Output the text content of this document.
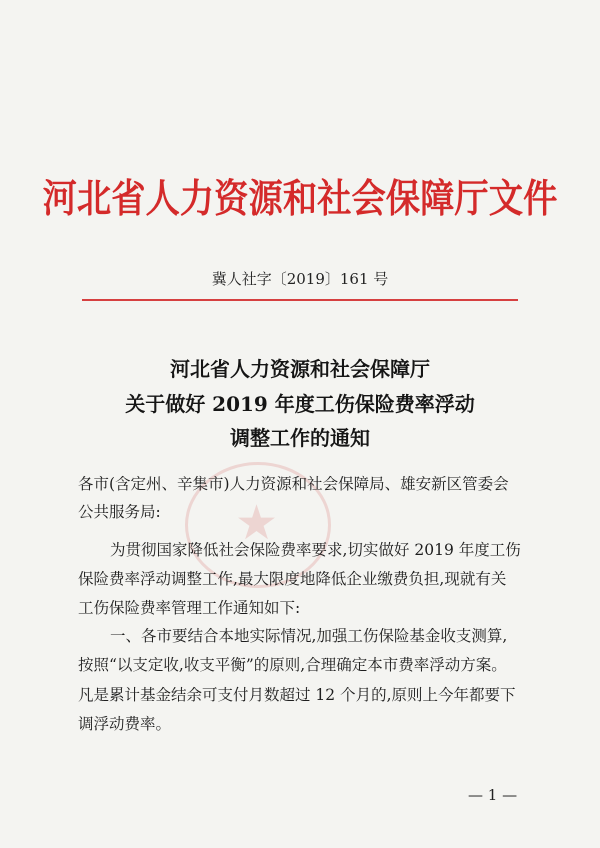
河北省人力资源和社会保障厅文件
冀人社字〔2019〕161 号
河北省人力资源和社会保障厅
关于做好 2019 年度工伤保险费率浮动
调整工作的通知
★
各市(含定州、辛集市)人力资源和社会保障局、雄安新区管委会
公共服务局:
为贯彻国家降低社会保险费率要求,切实做好 2019 年度工伤
保险费率浮动调整工作,最大限度地降低企业缴费负担,现就有关
工伤保险费率管理工作通知如下:
一、各市要结合本地实际情况,加强工伤保险基金收支测算,
按照“以支定收,收支平衡”的原则,合理确定本市费率浮动方案。
凡是累计基金结余可支付月数超过 12 个月的,原则上今年都要下
调浮动费率。
— 1 —
